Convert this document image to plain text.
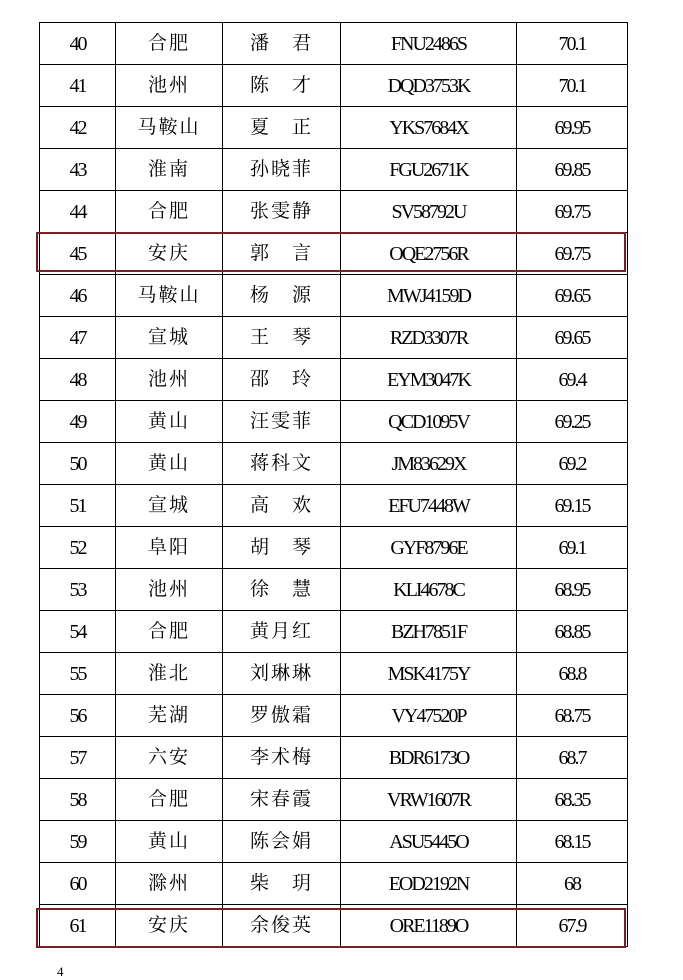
40	合肥	潘　君	FNU2486S	70.1
41	池州	陈　才	DQD3753K	70.1
42	马鞍山	夏　正	YKS7684X	69.95
43	淮南	孙晓菲	FGU2671K	69.85
44	合肥	张雯静	SV58792U	69.75
45	安庆	郭　言	OQE2756R	69.75
46	马鞍山	杨　源	MWJ4159D	69.65
47	宣城	王　琴	RZD3307R	69.65
48	池州	邵　玲	EYM3047K	69.4
49	黄山	汪雯菲	QCD1095V	69.25
50	黄山	蒋科文	JM83629X	69.2
51	宣城	高　欢	EFU7448W	69.15
52	阜阳	胡　琴	GYF8796E	69.1
53	池州	徐　慧	KLI4678C	68.95
54	合肥	黄月红	BZH7851F	68.85
55	淮北	刘琳琳	MSK4175Y	68.8
56	芜湖	罗傲霜	VY47520P	68.75
57	六安	李术梅	BDR6173O	68.7
58	合肥	宋春霞	VRW1607R	68.35
59	黄山	陈会娟	ASU5445O	68.15
60	滁州	柴　玥	EOD2192N	68
61	安庆	余俊英	ORE1189O	67.9
4
